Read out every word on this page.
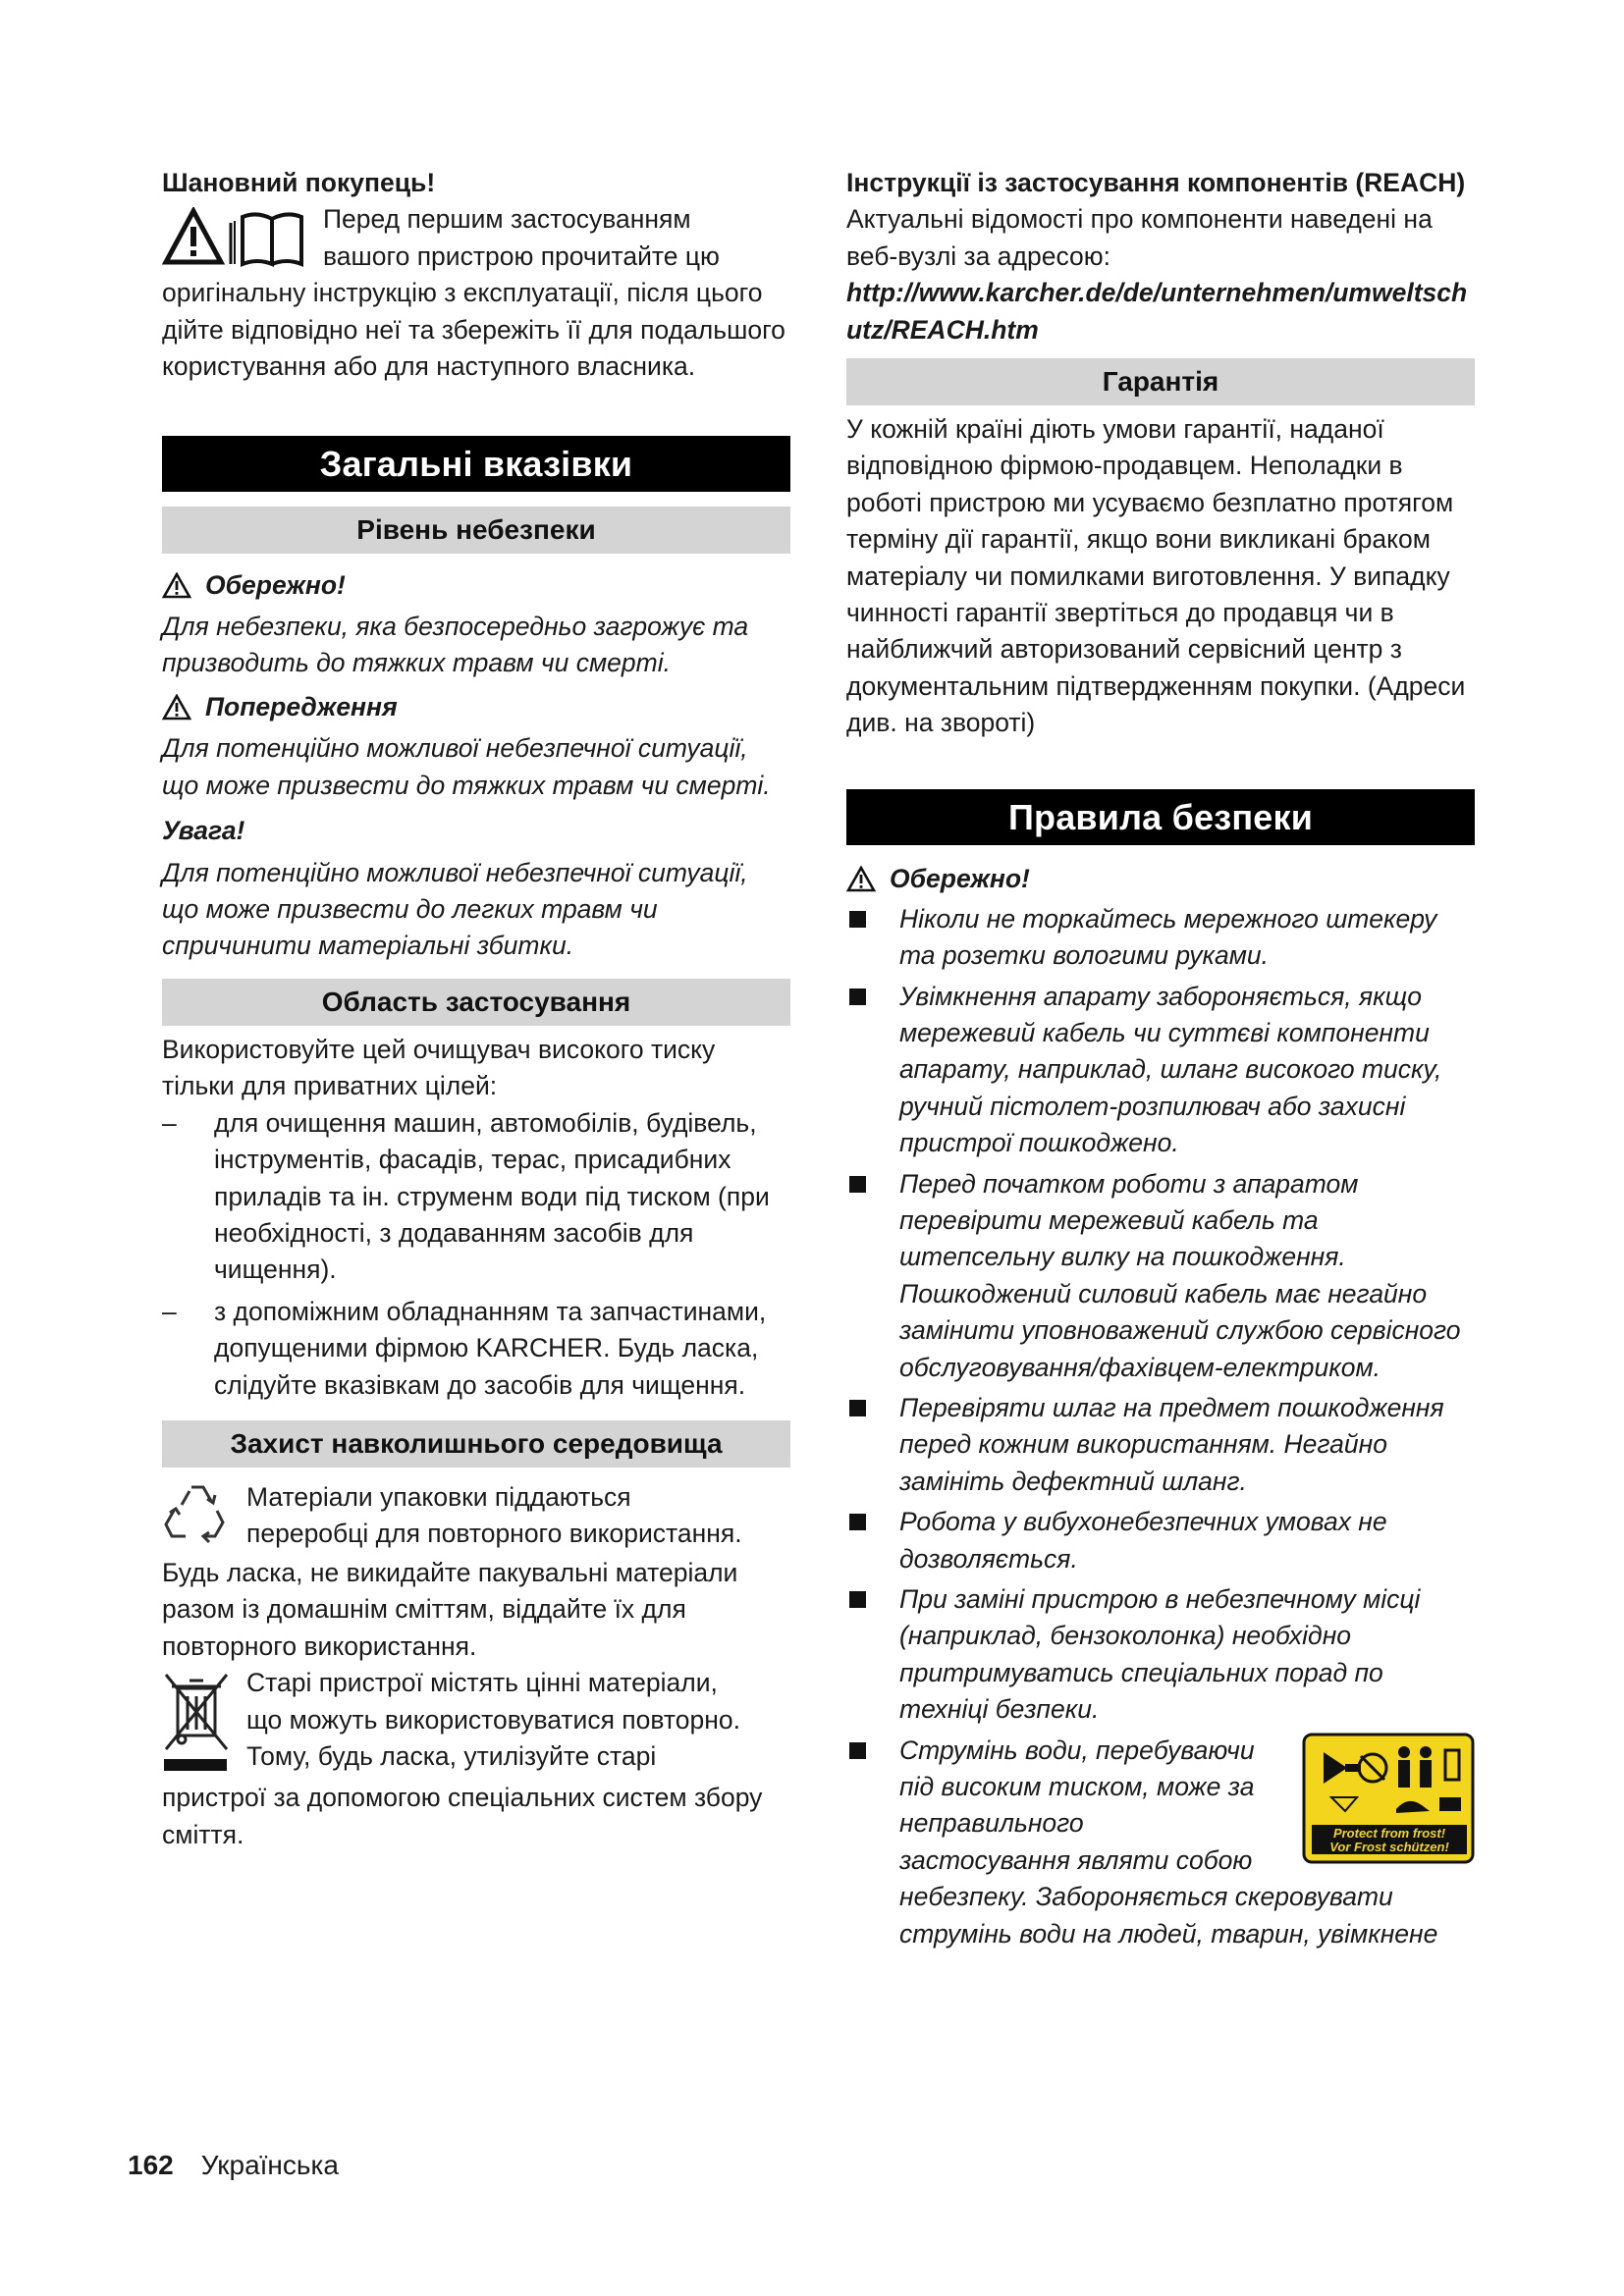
Шановний покупець!

Перед першим застосуванням

вашого пристрою прочитайте цю

оригінальну інструкцію з експлуатації, після цього дійте відповідно неї та збережіть її для подальшого користування або для наступного власника.

Загальні вказівки
Рівень небезпеки
Обережно!

Для небезпеки, яка безпосередньо загрожує та призводить до тяжких травм чи смерті.

Попередження

Для потенційно можливої небезпечної ситуації, що може призвести до тяжких травм чи смерті.

Увага!

Для потенційно можливої небезпечної ситуації, що може призвести до легких травм чи спричинити матеріальні збитки.

Область застосування

Використовуйте цей очищувач високого тиску тільки для приватних цілей:

– для очищення машин, автомобілів, будівель, інструментів, фасадів, терас, присадибних приладів та ін. струменм води під тиском (при необхідності, з додаванням засобів для чищення).
– з допоміжним обладнанням та запчастинами, допущеними фірмою KARCHER. Будь ласка, слідуйте вказівкам до засобів для чищення.
Захист навколишнього середовища

Матеріали упаковки піддаються

переробці для повторного використання.

Будь ласка, не викидайте пакувальні матеріали разом із домашнім сміттям, віддайте їх для повторного використання.

Старі пристрої містять цінні матеріали,

що можуть використовуватися повторно.

Тому, будь ласка, утилізуйте старі

пристрої за допомогою спеціальних систем збору сміття.

Інструкції із застосування компонентів (REACH)

Актуальні відомості про компоненти наведені на веб-вузлі за адресою:

http://www.karcher.de/de/unternehmen/umweltschutz/REACH.htm

Гарантія

У кожній країні діють умови гарантії, наданої відповідною фірмою-продавцем. Неполадки в роботі пристрою ми усуваємо безплатно протягом терміну дії гарантії, якщо вони викликані браком матеріалу чи помилками виготовлення. У випадку чинності гарантії звертіться до продавця чи в найближчий авторизований сервісний центр з документальним підтвердженням покупки. (Адреси див. на звороті)

Правила безпеки
Обережно!
Ніколи не торкайтесь мережного штекеру та розетки вологими руками.
Увімкнення апарату забороняється, якщо мережевий кабель чи суттєві компоненти апарату, наприклад, шланг високого тиску, ручний пістолет-розпилювач або захисні пристрої пошкоджено.
Перед початком роботи з апаратом перевірити мережевий кабель та штепсельну вилку на пошкодження. Пошкоджений силовий кабель має негайно замінити уповноважений службою сервісного обслуговування/фахівцем-електриком.
Перевіряти шлаг на предмет пошкодження перед кожним використанням. Негайно замініть дефектний шланг.
Робота у вибухонебезпечних умовах не дозволяється.
При заміні пристрою в небезпечному місці (наприклад, бензоколонка) необхідно притримуватись спеціальних порад по техніці безпеки.
Protect from frost!
Vor Frost schützen!
Струмінь води, перебуваючи
під високим тиском, може за
неправильного
застосування являти собою
небезпеку. Забороняється скеровувати струмінь води на людей, тварин, увімкнене
162 Українська
